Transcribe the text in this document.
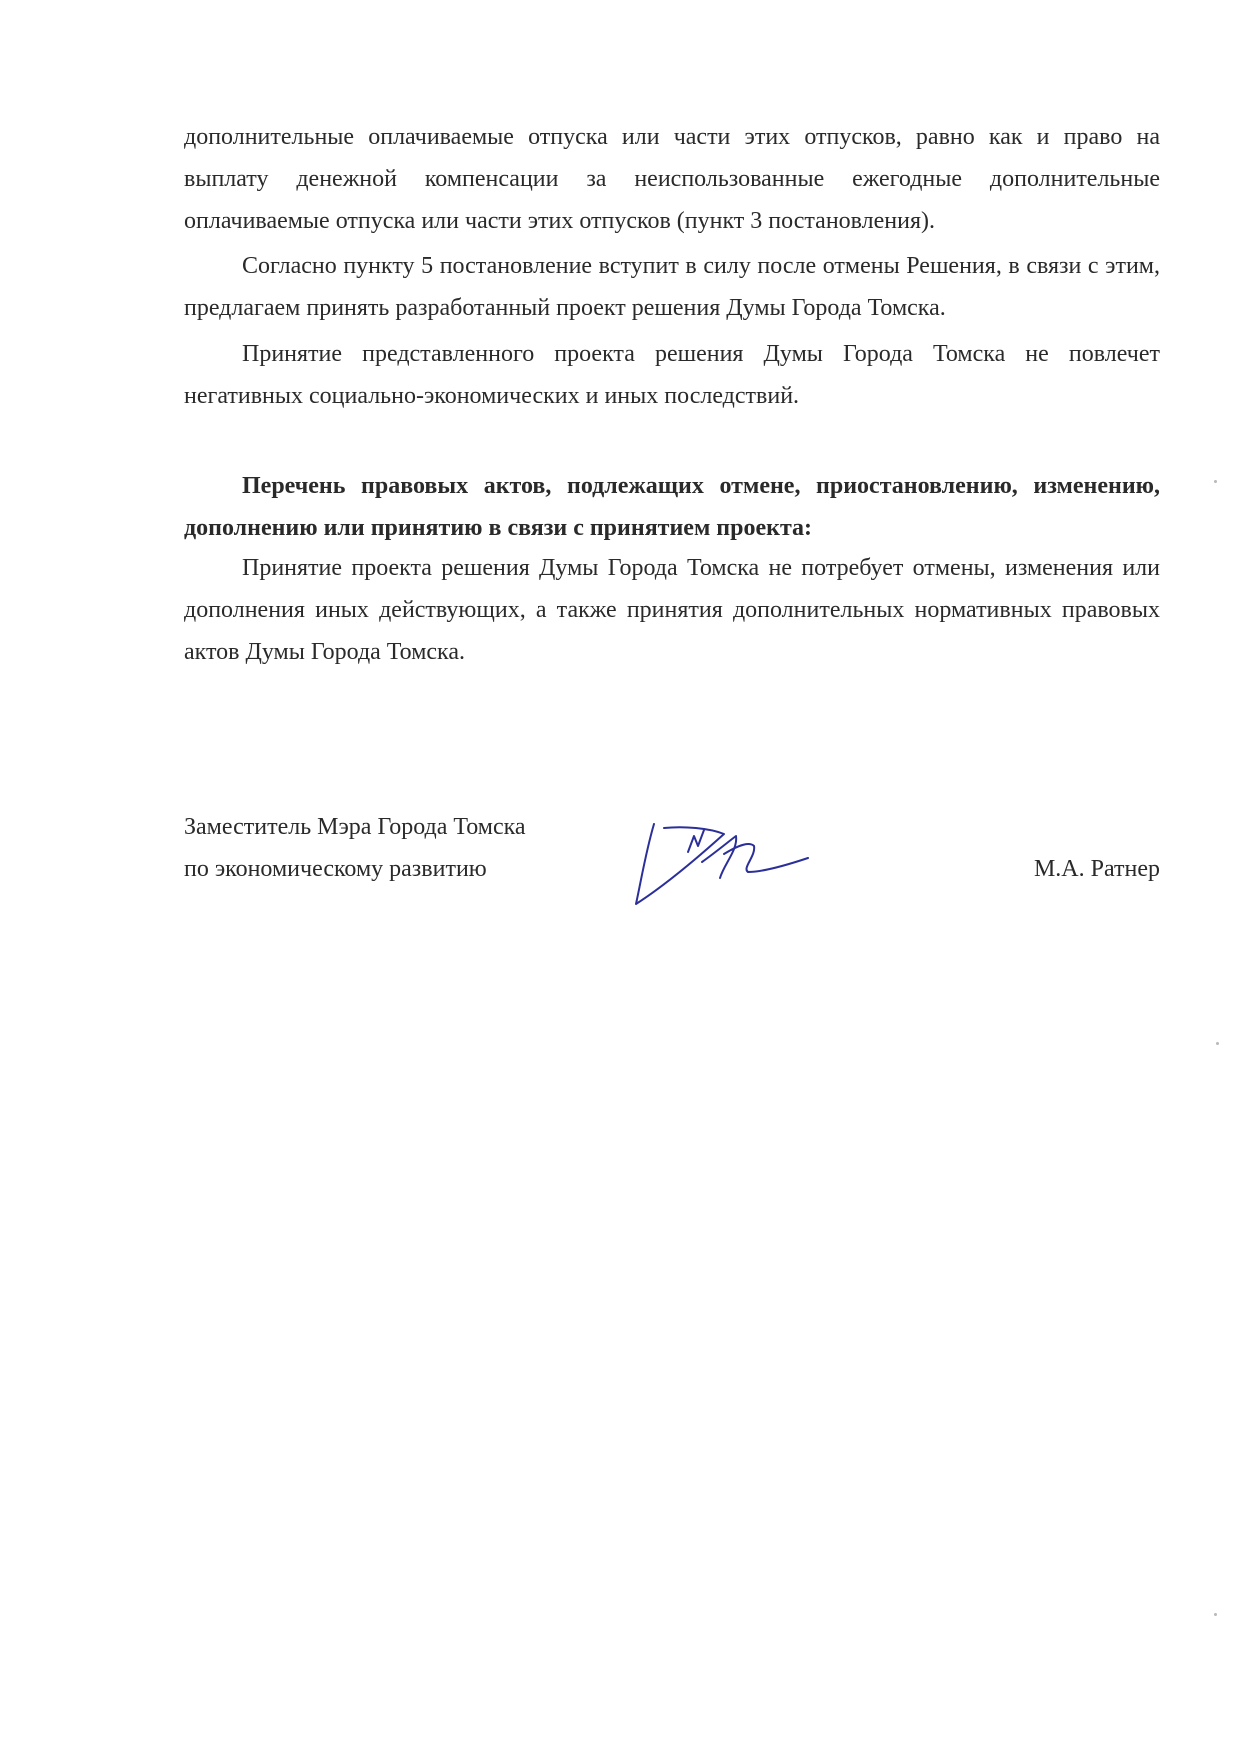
дополнительные оплачиваемые отпуска или части этих отпусков, равно как и право на выплату денежной компенсации за неиспользованные ежегодные дополнительные оплачиваемые отпуска или части этих отпусков (пункт 3 постановления).

Согласно пункту 5 постановление вступит в силу после отмены Решения, в связи с этим, предлагаем принять разработанный проект решения Думы Города Томска.

Принятие представленного проекта решения Думы Города Томска не повлечет негативных социально-экономических и иных последствий.

Перечень правовых актов, подлежащих отмене, приостановлению, изменению, дополнению или принятию в связи с принятием проекта:

Принятие проекта решения Думы Города Томска не потребует отмены, изменения или дополнения иных действующих, а также принятия дополнительных нормативных правовых актов Думы Города Томска.

Заместитель Мэра Города Томска
по экономическому развитию	М.А. Ратнер
